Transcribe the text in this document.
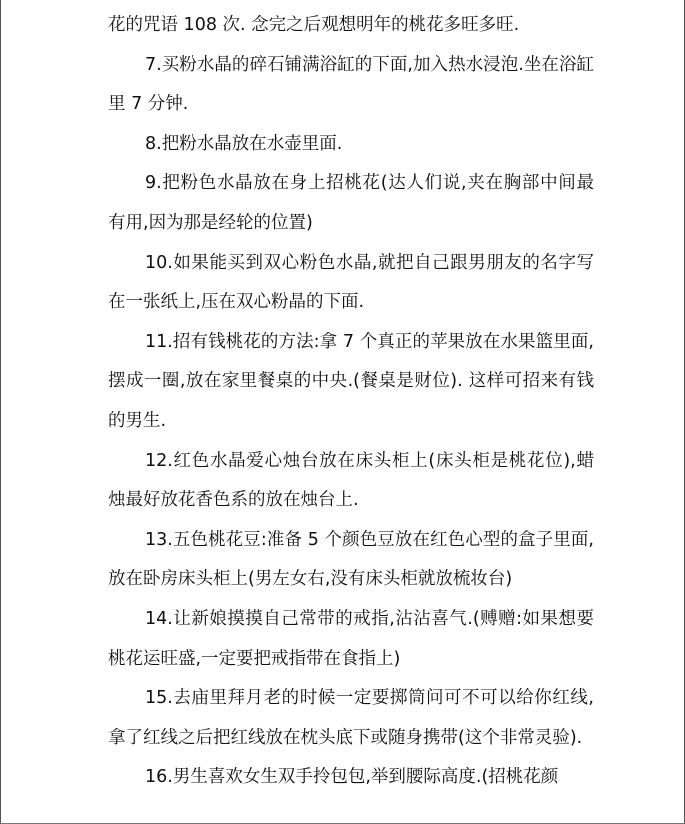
花的咒语 108 次. 念完之后观想明年的桃花多旺多旺.

7.买粉水晶的碎石铺满浴缸的下面,加入热水浸泡.坐在浴缸里 7 分钟.

8.把粉水晶放在水壶里面.

9.把粉色水晶放在身上招桃花(达人们说,夹在胸部中间最有用,因为那是经轮的位置)

10.如果能买到双心粉色水晶,就把自己跟男朋友的名字写在一张纸上,压在双心粉晶的下面.

11.招有钱桃花的方法:拿 7 个真正的苹果放在水果篮里面,摆成一圈,放在家里餐桌的中央.(餐桌是财位). 这样可招来有钱的男生.

12.红色水晶爱心烛台放在床头柜上(床头柜是桃花位),蜡烛最好放花香色系的放在烛台上.

13.五色桃花豆:准备 5 个颜色豆放在红色心型的盒子里面,放在卧房床头柜上(男左女右,没有床头柜就放梳妆台)

14.让新娘摸摸自己常带的戒指,沾沾喜气.(赙赠:如果想要桃花运旺盛,一定要把戒指带在食指上)

15.去庙里拜月老的时候一定要掷筒问可不可以给你红线,拿了红线之后把红线放在枕头底下或随身携带(这个非常灵验).

16.男生喜欢女生双手拎包包,举到腰际高度.(招桃花颜
